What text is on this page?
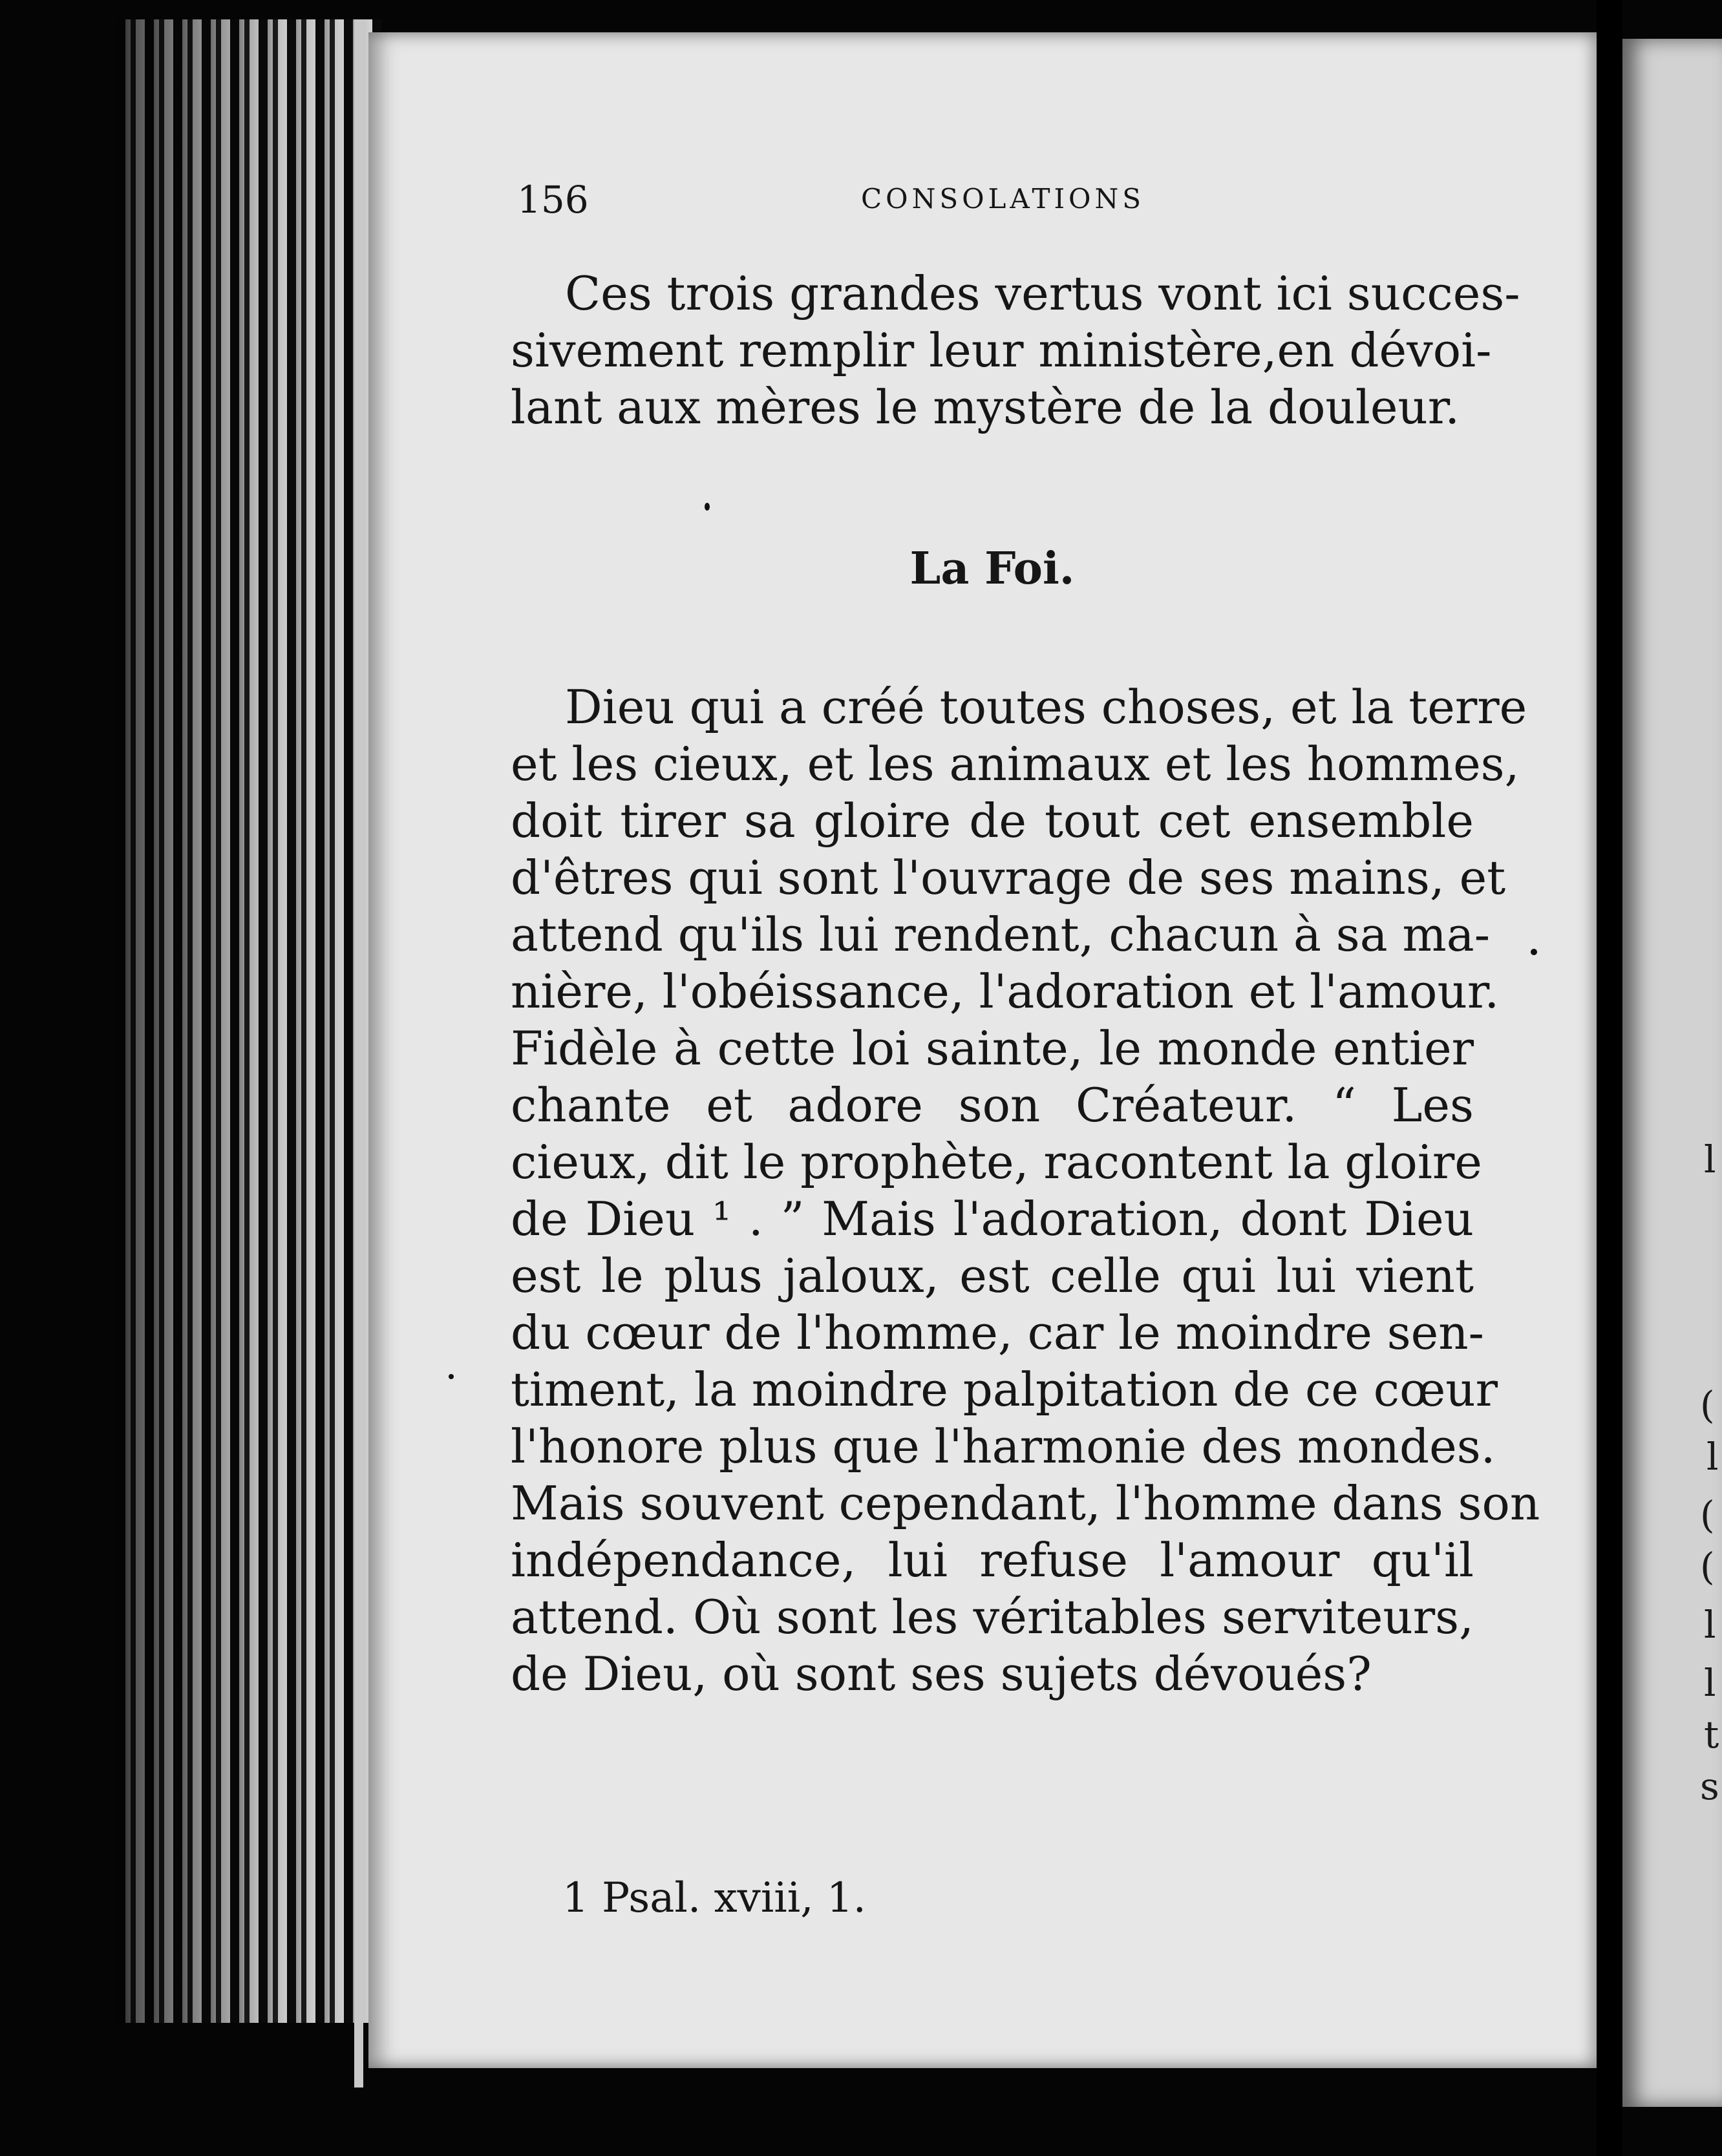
156	CONSOLATIONS
Ces trois grandes vertus vont ici succes-
sivement remplir leur ministère,en dévoi-
lant aux mères le mystère de la douleur.
La Foi.
Dieu qui a créé toutes choses, et la terre
et les cieux, et les animaux et les hommes,
doit tirer sa gloire de tout cet ensemble
d'êtres qui sont l'ouvrage de ses mains, et
attend qu'ils lui rendent, chacun à sa ma-
nière, l'obéissance, l'adoration et l'amour.
Fidèle à cette loi sainte, le monde entier
chante et adore son Créateur. “ Les
cieux, dit le prophète, racontent la gloire
de Dieu ¹ . ” Mais l'adoration, dont Dieu
est le plus jaloux, est celle qui lui vient
du cœur de l'homme, car le moindre sen-
timent, la moindre palpitation de ce cœur
l'honore plus que l'harmonie des mondes.
Mais souvent cependant, l'homme dans son
indépendance, lui refuse l'amour qu'il
attend. Où sont les véritables serviteurs,
de Dieu, où sont ses sujets dévoués?
1 Psal. xviii, 1.
l
(
l
(
(
l
l
t
s
